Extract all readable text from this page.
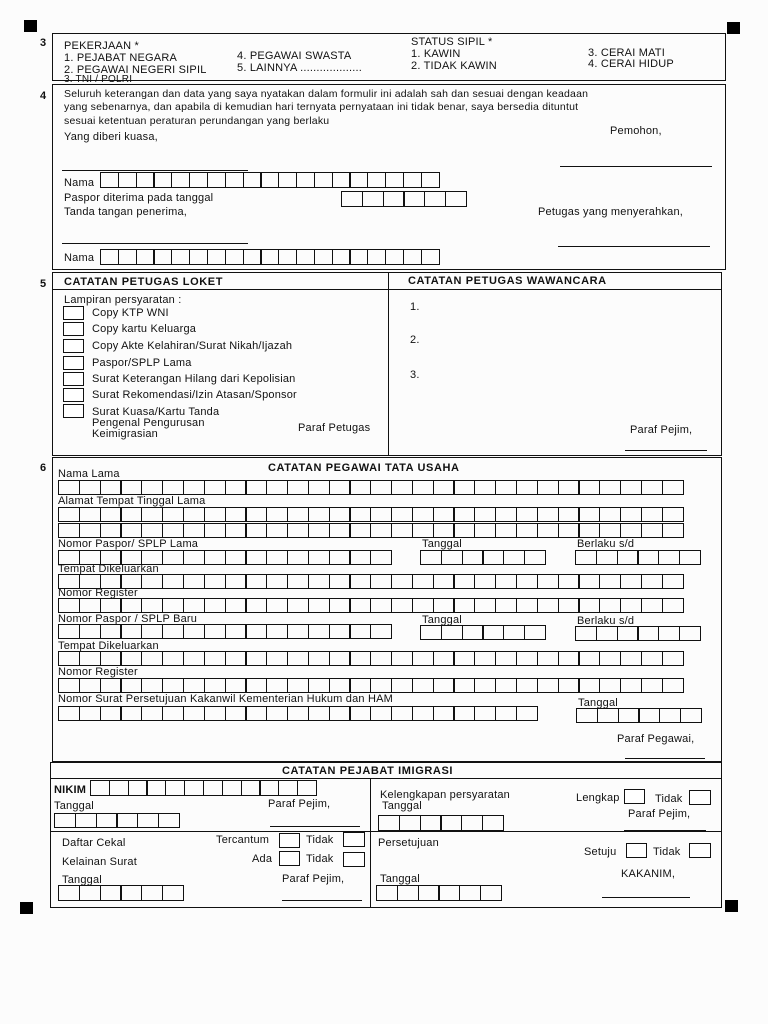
3 PEKERJAAN *
1. PEJABAT NEGARA
2. PEGAWAI NEGERI SIPIL
3. TNI / POLRI
4. PEGAWAI SWASTA
5. LAINNYA ...................
STATUS SIPIL *
1. KAWIN
2. TIDAK KAWIN
3. CERAI MATI
4. CERAI HIDUP
4 Seluruh keterangan dan data yang saya nyatakan dalam formulir ini adalah sah dan sesuai dengan keadaan
yang sebenarnya, dan apabila di kemudian hari ternyata pernyataan ini tidak benar, saya bersedia dituntut
sesuai ketentuan peraturan perundangan yang berlaku
Yang diberi kuasa,	Pemohon,
Nama
Paspor diterima pada tanggal
Tanda tangan penerima,	Petugas yang menyerahkan,
Nama
5 CATATAN PETUGAS LOKET	CATATAN PETUGAS WAWANCARA
Lampiran persyaratan :
Copy KTP WNI
Copy kartu Keluarga
Copy Akte Kelahiran/Surat Nikah/Ijazah
Paspor/SPLP Lama
Surat Keterangan Hilang dari Kepolisian
Surat Rekomendasi/Izin Atasan/Sponsor
Surat Kuasa/Kartu Tanda
Pengenal Pengurusan
Keimigrasian	Paraf Petugas
1.
2.
3.
Paraf Pejim,
6	CATATAN PEGAWAI TATA USAHA
Nama Lama
Alamat Tempat Tinggal Lama
Nomor Paspor/ SPLP Lama	Tanggal	Berlaku s/d
Tempat Dikeluarkan
Nomor Register
Nomor Paspor / SPLP Baru	Tanggal	Berlaku s/d
Tempat Dikeluarkan
Nomor Register
Nomor Surat Persetujuan Kakanwil Kementerian Hukum dan HAM	Tanggal
Paraf Pegawai,
CATATAN PEJABAT IMIGRASI
NIKIM
Tanggal	Paraf Pejim,
Kelengkapan persyaratan	Lengkap	Tidak
Tanggal
Paraf Pejim,
Daftar Cekal	Tercantum	Tidak
Kelainan Surat	Ada	Tidak
Tanggal	Paraf Pejim,
Persetujuan
Setuju	Tidak
KAKANIM,
Tanggal
